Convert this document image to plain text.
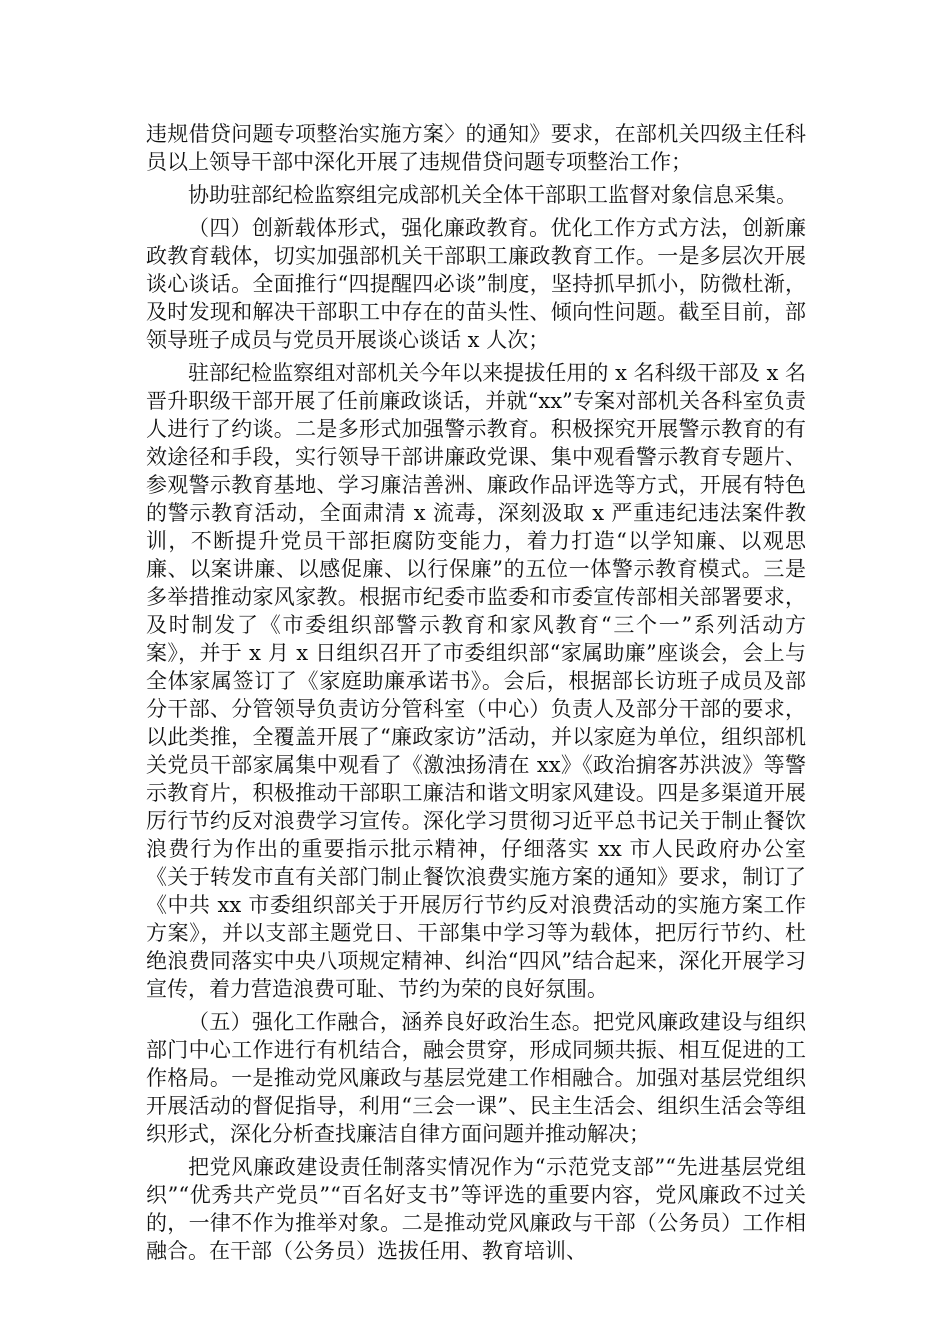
违规借贷问题专项整治实施方案〉的通知》要求，在部机关四级主任科员以上领导干部中深化开展了违规借贷问题专项整治工作；

协助驻部纪检监察组完成部机关全体干部职工监督对象信息采集。

（四）创新载体形式，强化廉政教育。优化工作方式方法，创新廉政教育载体，切实加强部机关干部职工廉政教育工作。一是多层次开展谈心谈话。全面推行“四提醒四必谈”制度，坚持抓早抓小，防微杜渐，及时发现和解决干部职工中存在的苗头性、倾向性问题。截至目前，部领导班子成员与党员开展谈心谈话 x 人次；

驻部纪检监察组对部机关今年以来提拔任用的 x 名科级干部及 x 名晋升职级干部开展了任前廉政谈话，并就“xx”专案对部机关各科室负责人进行了约谈。二是多形式加强警示教育。积极探究开展警示教育的有效途径和手段，实行领导干部讲廉政党课、集中观看警示教育专题片、参观警示教育基地、学习廉洁善洲、廉政作品评选等方式，开展有特色的警示教育活动，全面肃清 x 流毒，深刻汲取 x 严重违纪违法案件教训，不断提升党员干部拒腐防变能力，着力打造“以学知廉、以观思廉、以案讲廉、以感促廉、以行保廉”的五位一体警示教育模式。三是多举措推动家风家教。根据市纪委市监委和市委宣传部相关部署要求，及时制发了《市委组织部警示教育和家风教育“三个一”系列活动方案》，并于 x 月 x 日组织召开了市委组织部“家属助廉”座谈会，会上与全体家属签订了《家庭助廉承诺书》。会后，根据部长访班子成员及部分干部、分管领导负责访分管科室（中心）负责人及部分干部的要求，以此类推，全覆盖开展了“廉政家访”活动，并以家庭为单位，组织部机关党员干部家属集中观看了《激浊扬清在 xx》《政治掮客苏洪波》等警示教育片，积极推动干部职工廉洁和谐文明家风建设。四是多渠道开展厉行节约反对浪费学习宣传。深化学习贯彻习近平总书记关于制止餐饮浪费行为作出的重要指示批示精神，仔细落实 xx 市人民政府办公室《关于转发市直有关部门制止餐饮浪费实施方案的通知》要求，制订了《中共 xx 市委组织部关于开展厉行节约反对浪费活动的实施方案工作方案》，并以支部主题党日、干部集中学习等为载体，把厉行节约、杜绝浪费同落实中央八项规定精神、纠治“四风”结合起来，深化开展学习宣传，着力营造浪费可耻、节约为荣的良好氛围。

（五）强化工作融合，涵养良好政治生态。把党风廉政建设与组织部门中心工作进行有机结合，融会贯穿，形成同频共振、相互促进的工作格局。一是推动党风廉政与基层党建工作相融合。加强对基层党组织开展活动的督促指导，利用“三会一课”、民主生活会、组织生活会等组织形式，深化分析查找廉洁自律方面问题并推动解决；

把党风廉政建设责任制落实情况作为“示范党支部”“先进基层党组织”“优秀共产党员”“百名好支书”等评选的重要内容，党风廉政不过关的，一律不作为推举对象。二是推动党风廉政与干部（公务员）工作相融合。在干部（公务员）选拔任用、教育培训、
